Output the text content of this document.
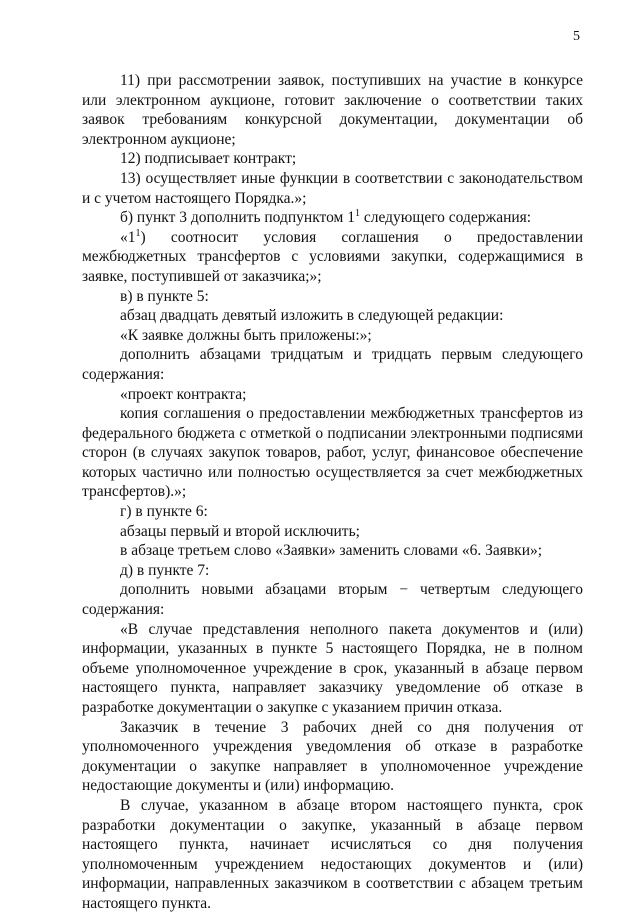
5

11) при рассмотрении заявок, поступивших на участие в конкурсе или электронном аукционе, готовит заключение о соответствии таких заявок требованиям конкурсной документации, документации об электронном аукционе;

12) подписывает контракт;

13) осуществляет иные функции в соответствии с законодательством и с учетом настоящего Порядка.»;

б) пункт 3 дополнить подпунктом $1^1$ следующего содержания:

«$1^1$) соотносит условия соглашения о предоставлении межбюджетных трансфертов с условиями закупки, содержащимися в заявке, поступившей от заказчика;»;

в) в пункте 5:

абзац двадцать девятый изложить в следующей редакции:

«К заявке должны быть приложены:»;

дополнить абзацами тридцатым и тридцать первым следующего содержания:

«проект контракта;

копия соглашения о предоставлении межбюджетных трансфертов из федерального бюджета с отметкой о подписании электронными подписями сторон (в случаях закупок товаров, работ, услуг, финансовое обеспечение которых частично или полностью осуществляется за счет межбюджетных трансфертов).»;

г) в пункте 6:

абзацы первый и второй исключить;

в абзаце третьем слово «Заявки» заменить словами «6. Заявки»;

д) в пункте 7:

дополнить новыми абзацами вторым − четвертым следующего содержания:

«В случае представления неполного пакета документов и (или) информации, указанных в пункте 5 настоящего Порядка, не в полном объеме уполномоченное учреждение в срок, указанный в абзаце первом настоящего пункта, направляет заказчику уведомление об отказе в разработке документации о закупке с указанием причин отказа.

Заказчик в течение 3 рабочих дней со дня получения от уполномоченного учреждения уведомления об отказе в разработке документации о закупке направляет в уполномоченное учреждение недостающие документы и (или) информацию.

В случае, указанном в абзаце втором настоящего пункта, срок разработки документации о закупке, указанный в абзаце первом настоящего пункта, начинает исчисляться со дня получения уполномоченным учреждением недостающих документов и (или) информации, направленных заказчиком в соответствии с абзацем третьим настоящего пункта.
